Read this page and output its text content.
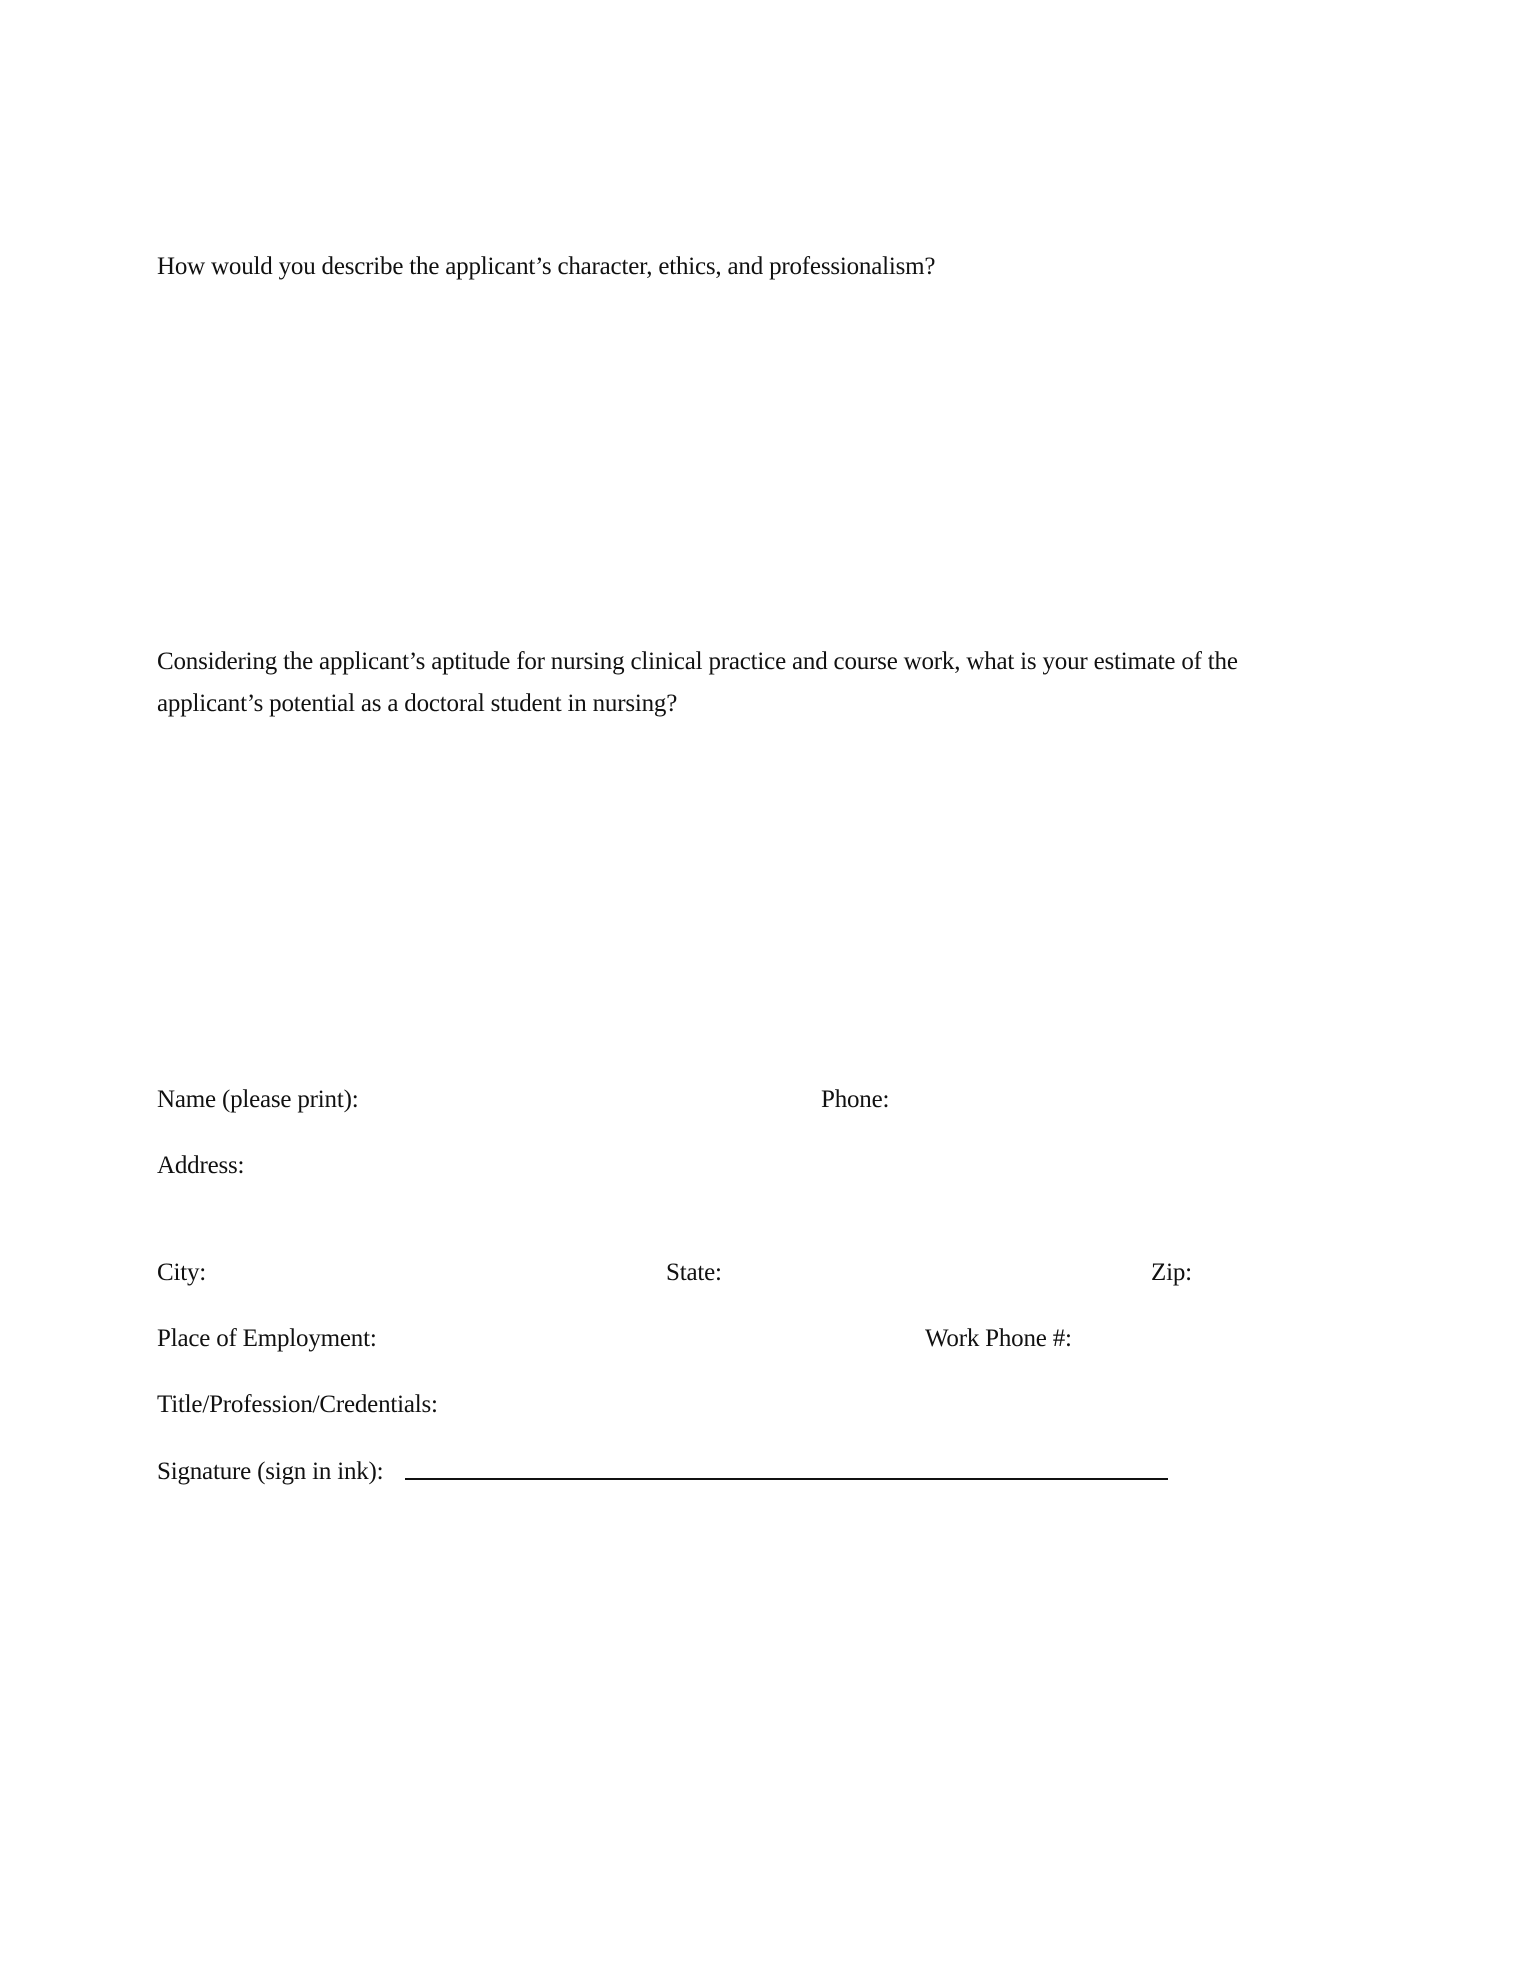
How would you describe the applicant’s character, ethics, and professionalism?
Considering the applicant’s aptitude for nursing clinical practice and course work, what is your estimate of the applicant’s potential as a doctoral student in nursing?
Name (please print):	Phone:
Address:
City:	State:	Zip:
Place of Employment:	Work Phone #:
Title/Profession/Credentials:
Signature (sign in ink):
